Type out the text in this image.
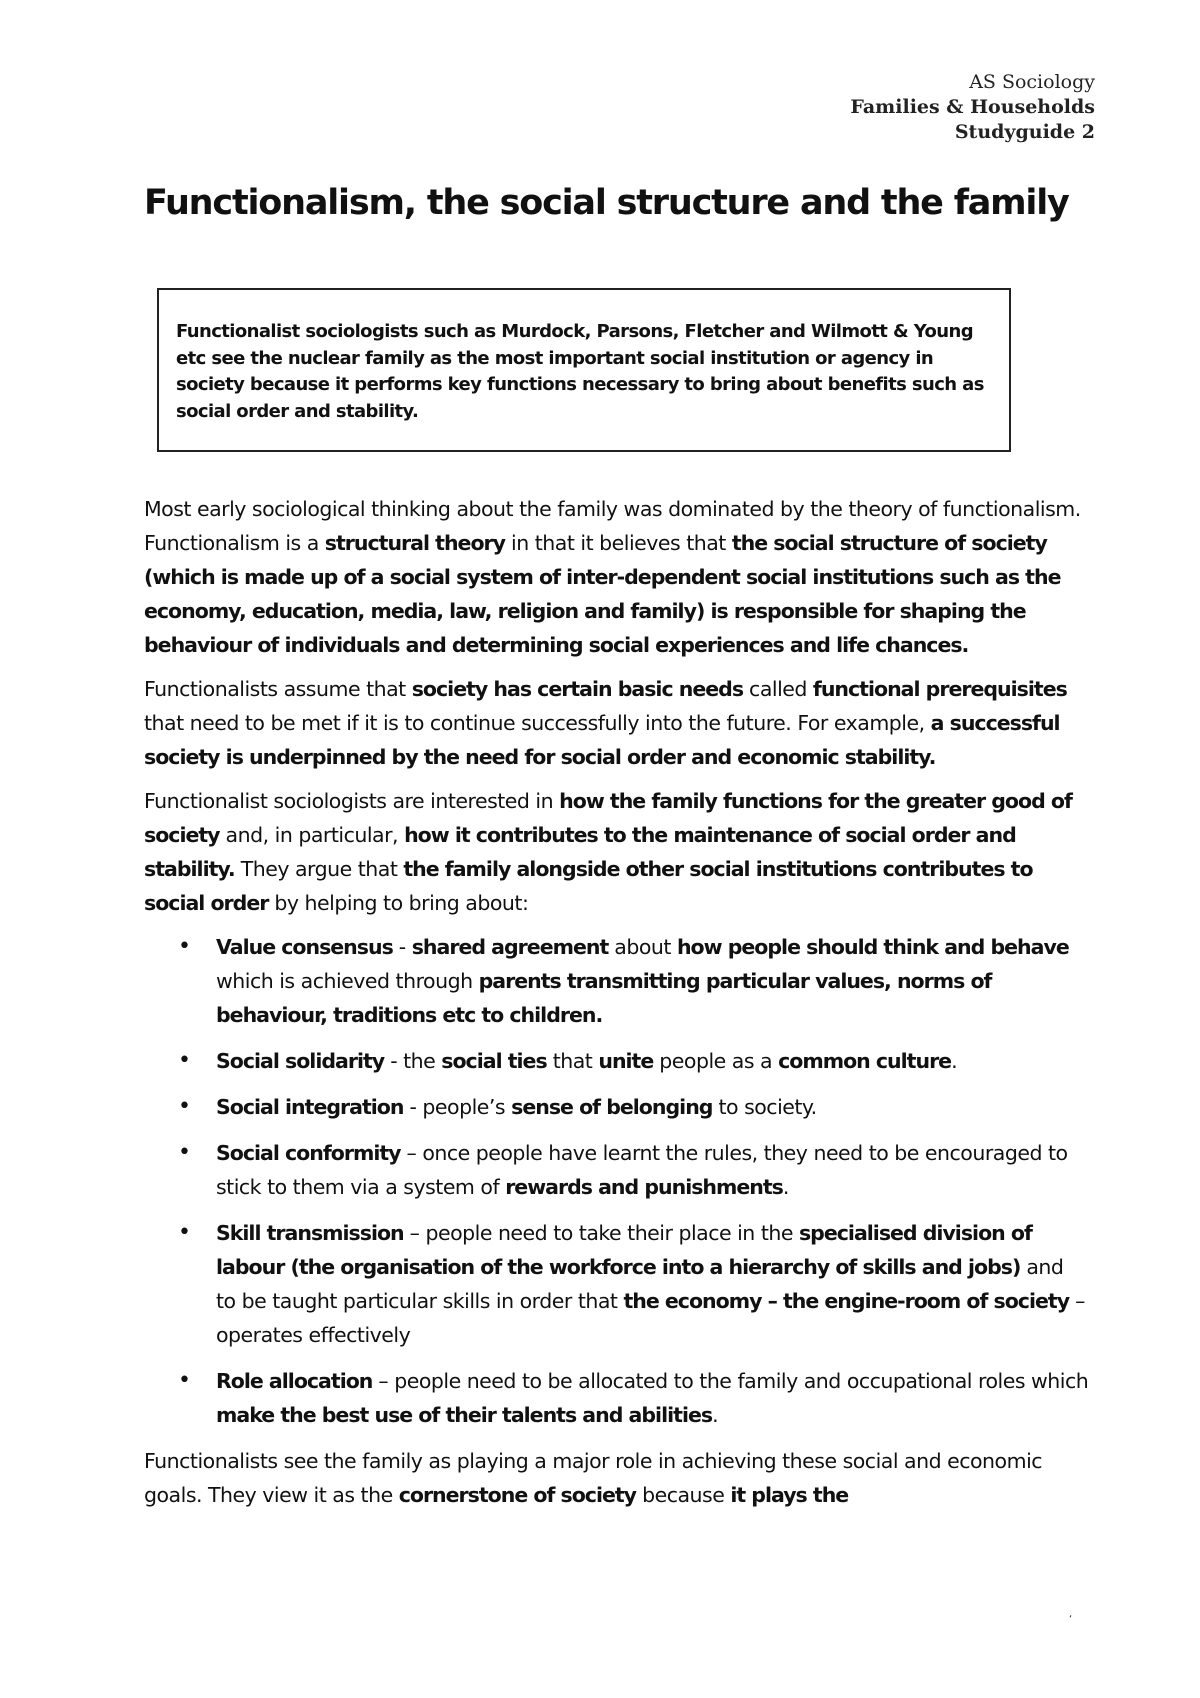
AS Sociology
Families & Households
Studyguide 2
Functionalism, the social structure and the family
Functionalist sociologists such as Murdock, Parsons, Fletcher and Wilmott & Young etc see the nuclear family as the most important social institution or agency in society because it performs key functions necessary to bring about benefits such as social order and stability.

Most early sociological thinking about the family was dominated by the theory of functionalism. Functionalism is a structural theory in that it believes that the social structure of society (which is made up of a social system of inter-dependent social institutions such as the economy, education, media, law, religion and family) is responsible for shaping the behaviour of individuals and determining social experiences and life chances.

Functionalists assume that society has certain basic needs called functional prerequisites that need to be met if it is to continue successfully into the future. For example, a successful society is underpinned by the need for social order and economic stability.

Functionalist sociologists are interested in how the family functions for the greater good of society and, in particular, how it contributes to the maintenance of social order and stability. They argue that the family alongside other social institutions contributes to social order by helping to bring about:

• Value consensus - shared agreement about how people should think and behave which is achieved through parents transmitting particular values, norms of behaviour, traditions etc to children.
• Social solidarity - the social ties that unite people as a common culture.
• Social integration - people’s sense of belonging to society.
• Social conformity – once people have learnt the rules, they need to be encouraged to stick to them via a system of rewards and punishments.
• Skill transmission – people need to take their place in the specialised division of labour (the organisation of the workforce into a hierarchy of skills and jobs) and to be taught particular skills in order that the economy – the engine-room of society – operates effectively
• Role allocation – people need to be allocated to the family and occupational roles which make the best use of their talents and abilities.

Functionalists see the family as playing a major role in achieving these social and economic goals. They view it as the cornerstone of society because it plays the

‘
